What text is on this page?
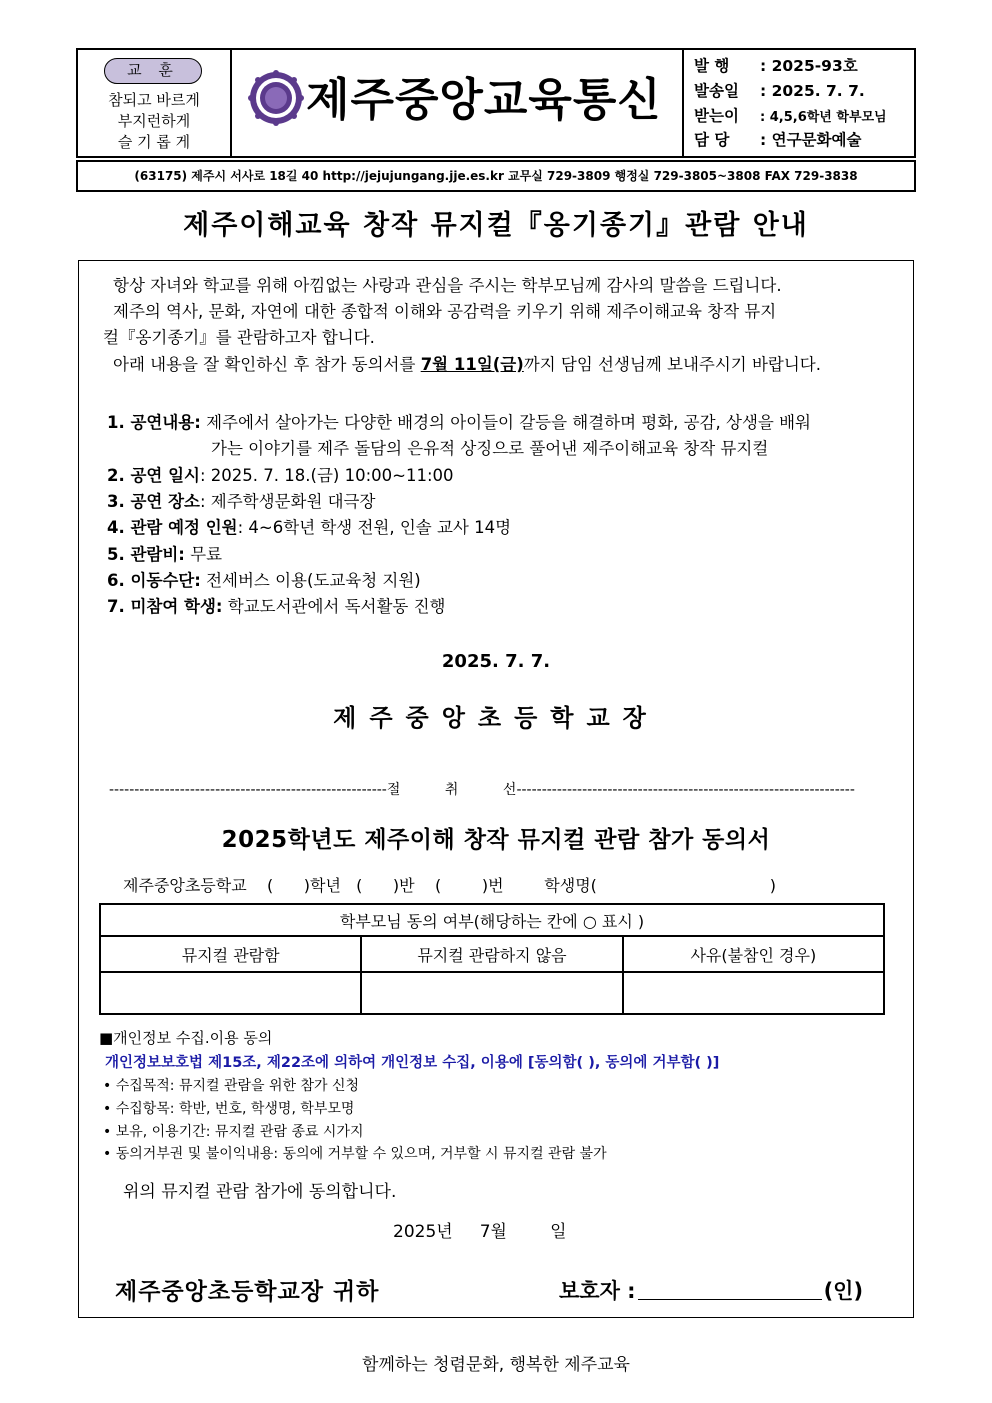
교 훈
참되고 바르게
부지런하게
슬 기 롭 게
제주중앙교육통신
발 행 : 2025-93호
발송일 : 2025. 7. 7.
받는이 : 4,5,6학년 학부모님
담 당 : 연구문화예술
(63175) 제주시 서사로 18길 40 http://jejujungang.jje.es.kr 교무실 729-3809 행정실 729-3805~3808 FAX 729-3838
제주이해교육 창작 뮤지컬『옹기종기』관람 안내
항상 자녀와 학교를 위해 아낌없는 사랑과 관심을 주시는 학부모님께 감사의 말씀을 드립니다.
제주의 역사, 문화, 자연에 대한 종합적 이해와 공감력을 키우기 위해 제주이해교육 창작 뮤지
컬『옹기종기』를 관람하고자 합니다.
아래 내용을 잘 확인하신 후 참가 동의서를 7월 11일(금)까지 담임 선생님께 보내주시기 바랍니다.
1. 공연내용: 제주에서 살아가는 다양한 배경의 아이들이 갈등을 해결하며 평화, 공감, 상생을 배워
가는 이야기를 제주 돌담의 은유적 상징으로 풀어낸 제주이해교육 창작 뮤지컬
2. 공연 일시: 2025. 7. 18.(금) 10:00~11:00
3. 공연 장소: 제주학생문화원 대극장
4. 관람 예정 인원: 4~6학년 학생 전원, 인솔 교사 14명
5. 관람비: 무료
6. 이동수단: 전세버스 이용(도교육청 지원)
7. 미참여 학생: 학교도서관에서 독서활동 진행
2025. 7. 7.
제주중앙초등학교장
-------------------------------------------------------절          취          선-------------------------------------------------------------------
2025학년도 제주이해 창작 뮤지컬 관람 참가 동의서
제주중앙초등학교    (      )학년   (      )반    (        )번        학생명(                                  )
학부모님 동의 여부(해당하는 칸에 ○ 표시 )		
뮤지컬 관람함	뮤지컬 관람하지 않음	사유(불참인 경우)

■개인정보 수집.이용 동의
개인정보보호법 제15조, 제22조에 의하여 개인정보 수집, 이용에 [동의함( ), 동의에 거부함( )]
• 수집목적: 뮤지컬 관람을 위한 참가 신청
• 수집항목: 학반, 번호, 학생명, 학부모명
• 보유, 이용기간: 뮤지컬 관람 종료 시가지
• 동의거부권 및 불이익내용: 동의에 거부할 수 있으며, 거부할 시 뮤지컬 관람 불가
위의 뮤지컬 관람 참가에 동의합니다.
2025년     7월        일
제주중앙초등학교장 귀하	보호자 :	(인)
함께하는 청렴문화, 행복한 제주교육
